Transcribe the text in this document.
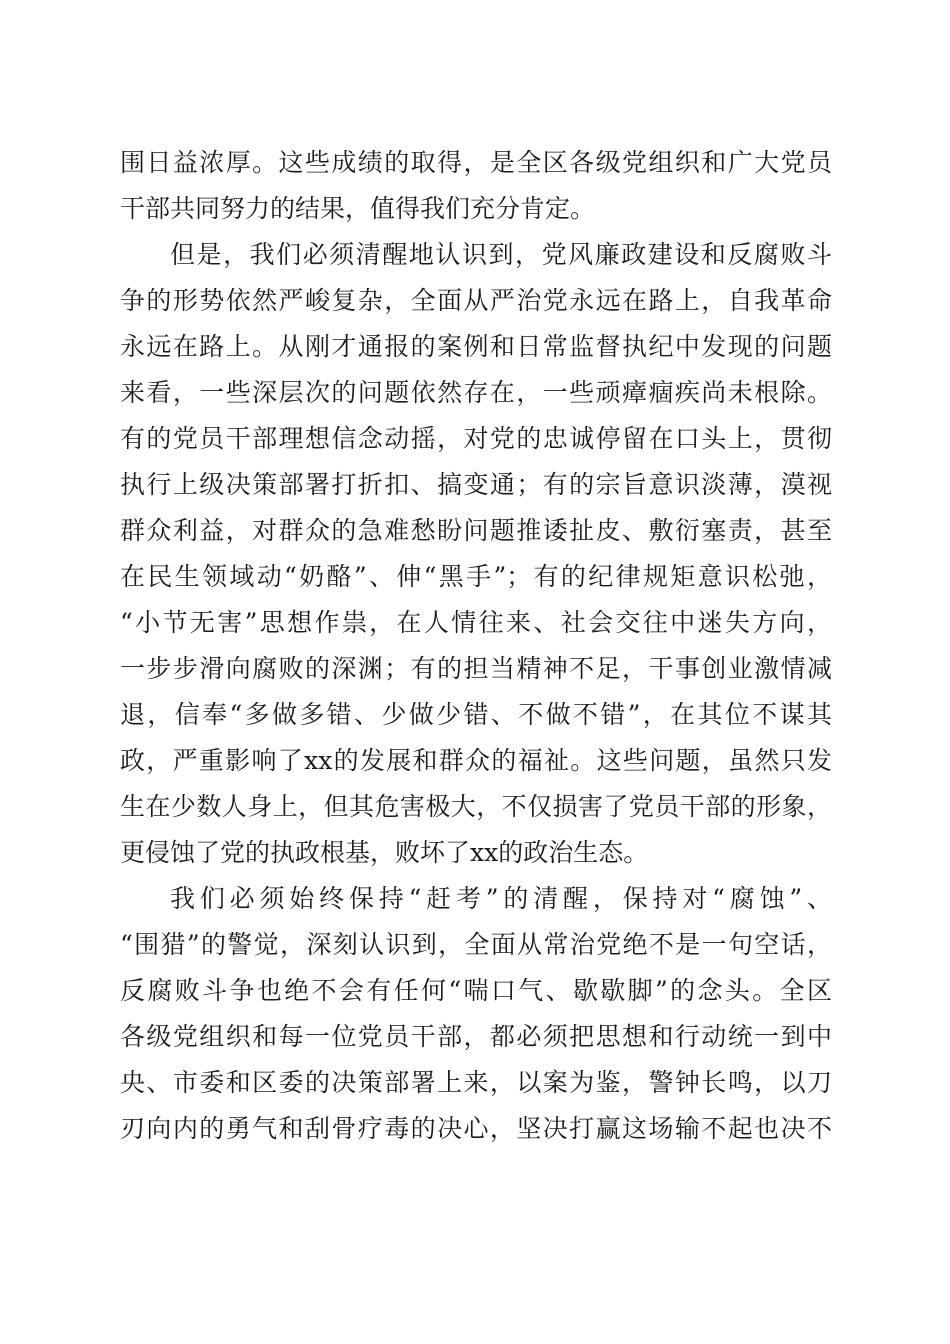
围日益浓厚。这些成绩的取得，是全区各级党组织和广大党员
干部共同努力的结果，值得我们充分肯定。
但是，我们必须清醒地认识到，党风廉政建设和反腐败斗
争的形势依然严峻复杂，全面从严治党永远在路上，自我革命
永远在路上。从刚才通报的案例和日常监督执纪中发现的问题
来看，一些深层次的问题依然存在，一些顽瘴痼疾尚未根除。
有的党员干部理想信念动摇，对党的忠诚停留在口头上，贯彻
执行上级决策部署打折扣、搞变通；有的宗旨意识淡薄，漠视
群众利益，对群众的急难愁盼问题推诿扯皮、敷衍塞责，甚至
在民生领域动“奶酪”、伸“黑手”；有的纪律规矩意识松弛，
“小节无害”思想作祟，在人情往来、社会交往中迷失方向，
一步步滑向腐败的深渊；有的担当精神不足，干事创业激情减
退，信奉“多做多错、少做少错、不做不错”，在其位不谋其
政，严重影响了xx的发展和群众的福祉。这些问题，虽然只发
生在少数人身上，但其危害极大，不仅损害了党员干部的形象，
更侵蚀了党的执政根基，败坏了xx的政治生态。
我们必须始终保持“赶考”的清醒，保持对“腐蚀”、
“围猎”的警觉，深刻认识到，全面从常治党绝不是一句空话，
反腐败斗争也绝不会有任何“喘口气、歇歇脚”的念头。全区
各级党组织和每一位党员干部，都必须把思想和行动统一到中
央、市委和区委的决策部署上来，以案为鉴，警钟长鸣，以刀
刃向内的勇气和刮骨疗毒的决心，坚决打赢这场输不起也决不
